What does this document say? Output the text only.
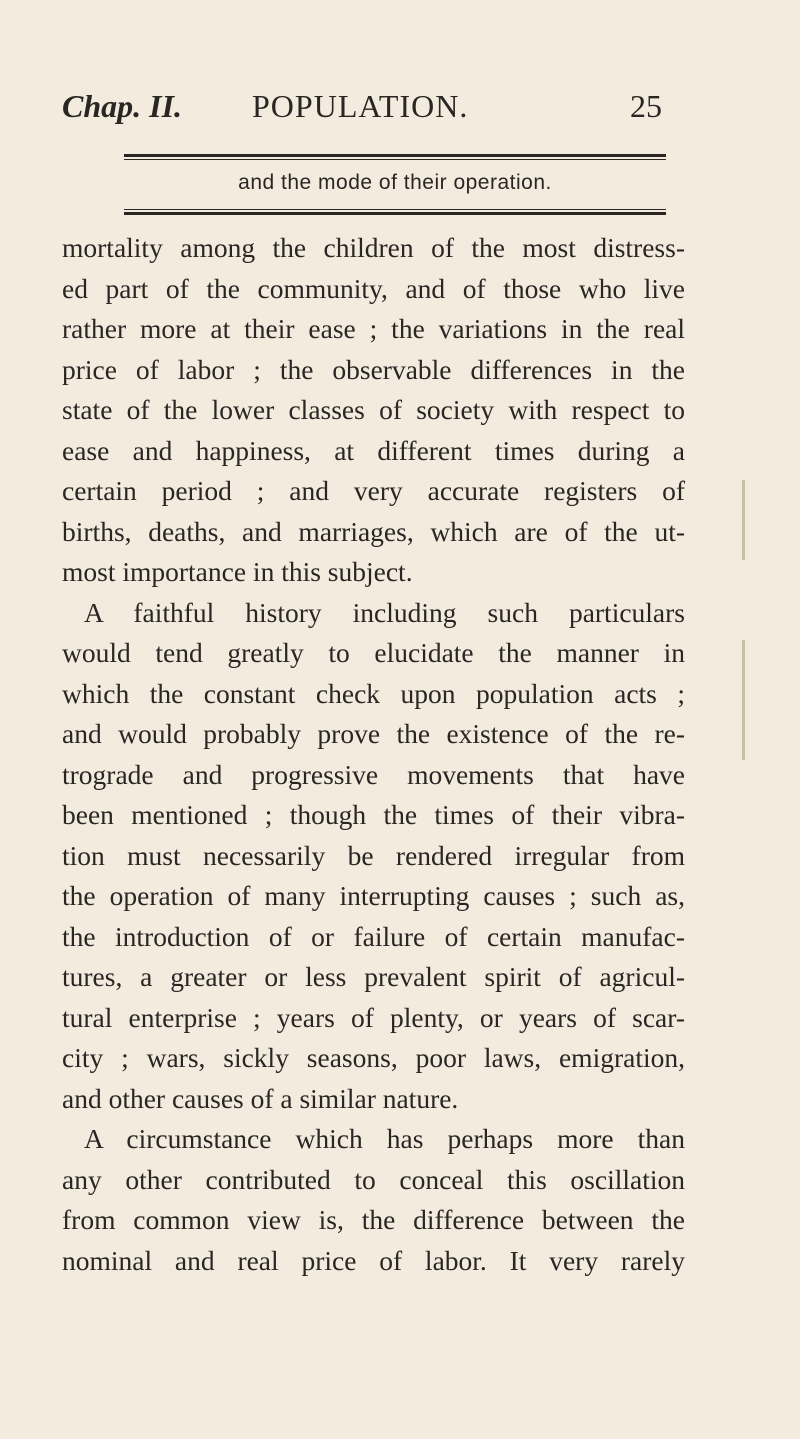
Chap. II. POPULATION.	25
and the mode of their operation.
mortality among the children of the most distress-
ed part of the community, and of those who live
rather more at their ease ; the variations in the real
price of labor ; the observable differences in the
state of the lower classes of society with respect to
ease and happiness, at different times during a
certain period ; and very accurate registers of
births, deaths, and marriages, which are of the ut-
most importance in this subject.
A faithful history including such particulars
would tend greatly to elucidate the manner in
which the constant check upon population acts ;
and would probably prove the existence of the re-
trograde and progressive movements that have
been mentioned ; though the times of their vibra-
tion must necessarily be rendered irregular from
the operation of many interrupting causes ; such as,
the introduction of or failure of certain manufac-
tures, a greater or less prevalent spirit of agricul-
tural enterprise ; years of plenty, or years of scar-
city ; wars, sickly seasons, poor laws, emigration,
and other causes of a similar nature.
A circumstance which has perhaps more than
any other contributed to conceal this oscillation
from common view is, the difference between the
nominal and real price of labor. It very rarely
